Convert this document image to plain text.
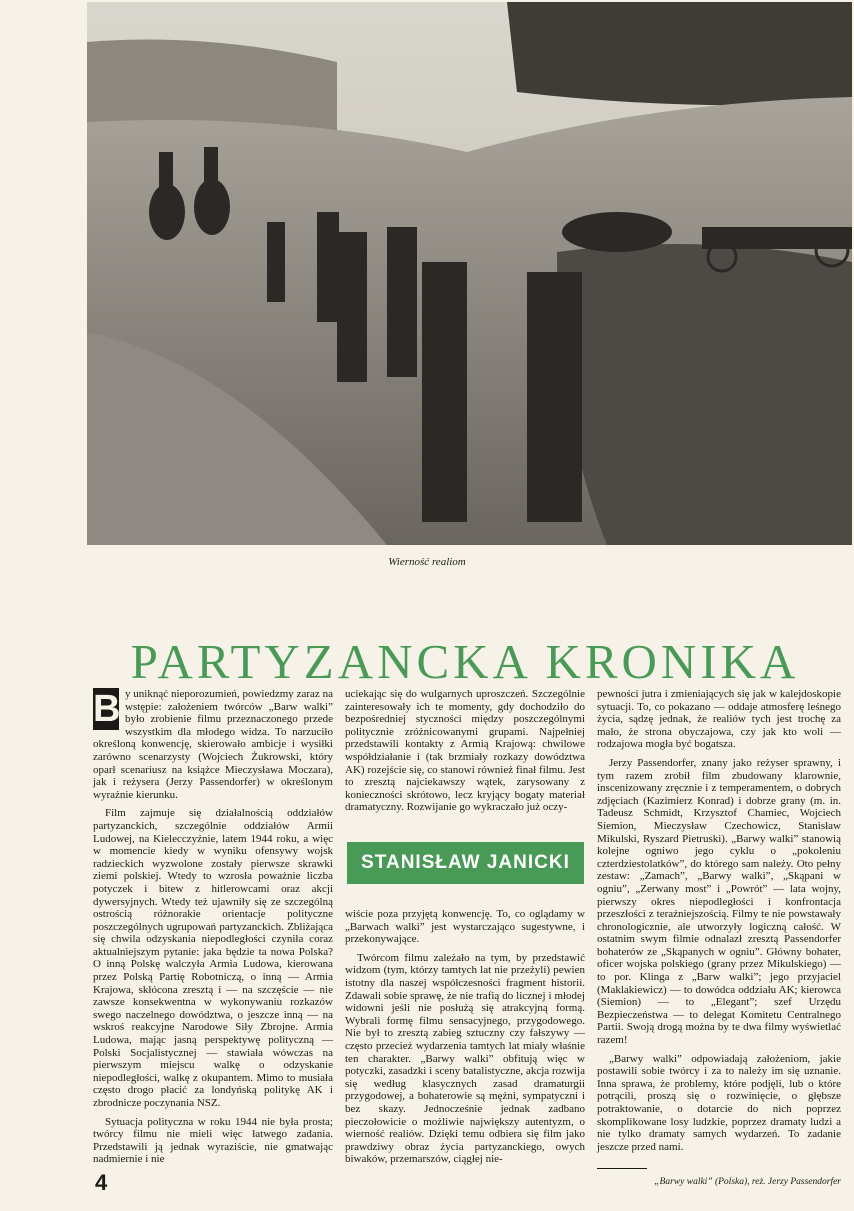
Wierność realiom
PARTYZANCKA KRONIKA

B y uniknąć nieporozumień, powiedzmy zaraz na wstępie: założeniem twórców „Barw walki” było zrobienie filmu przeznaczonego przede wszystkim dla młodego widza. To narzuciło określoną konwencję, skierowało ambicje i wysiłki zarówno scenarzysty (Wojciech Żukrowski, który oparł scenariusz na książce Mieczysława Moczara), jak i reżysera (Jerzy Passendorfer) w określonym wyraźnie kierunku.

Film zajmuje się działalnością oddziałów partyzanckich, szczególnie oddziałów Armii Ludowej, na Kielecczyźnie, latem 1944 roku, a więc w momencie kiedy w wyniku ofensywy wojsk radzieckich wyzwolone zostały pierwsze skrawki ziemi polskiej. Wtedy to wzrosła poważnie liczba potyczek i bitew z hitlerowcami oraz akcji dywersyjnych. Wtedy też ujawniły się ze szczególną ostrością różnorakie orientacje polityczne poszczególnych ugrupowań partyzanckich. Zbliżająca się chwila odzyskania niepodległości czyniła coraz aktualniejszym pytanie: jaka będzie ta nowa Polska? O inną Polskę walczyła Armia Ludowa, kierowana przez Polską Partię Robotniczą, o inną — Armia Krajowa, skłócona zresztą i — na szczęście — nie zawsze konsekwentna w wykonywaniu rozkazów swego naczelnego dowództwa, o jeszcze inną — na wskroś reakcyjne Narodowe Siły Zbrojne. Armia Ludowa, mając jasną perspektywę polityczną — Polski Socjalistycznej — stawiała wówczas na pierwszym miejscu walkę o odzyskanie niepodległości, walkę z okupantem. Mimo to musiała często drogo płacić za londyńską politykę AK i zbrodnicze poczynania NSZ.

Sytuacja polityczna w roku 1944 nie była prosta; twórcy filmu nie mieli więc łatwego zadania. Przedstawili ją jednak wyraziście, nie gmatwając nadmiernie i nie

uciekając się do wulgarnych uproszczeń. Szczególnie zainteresowały ich te momenty, gdy dochodziło do bezpośredniej styczności między poszczególnymi politycznie zróżnicowanymi grupami. Najpełniej przedstawili kontakty z Armią Krajową: chwilowe współdziałanie i (tak brzmiały rozkazy dowództwa AK) rozejście się, co stanowi również finał filmu. Jest to zresztą najciekawszy wątek, zarysowany z konieczności skrótowo, lecz kryjący bogaty materiał dramatyczny. Rozwijanie go wykraczało już oczy-

STANISŁAW JANICKI

wiście poza przyjętą konwencję. To, co oglądamy w „Barwach walki” jest wystarczająco sugestywne, i przekonywające.

Twórcom filmu zależało na tym, by przedstawić widzom (tym, którzy tamtych lat nie przeżyli) pewien istotny dla naszej współczesności fragment historii. Zdawali sobie sprawę, że nie trafią do licznej i młodej widowni jeśli nie posłużą się atrakcyjną formą. Wybrali formę filmu sensacyjnego, przygodowego. Nie był to zresztą zabieg sztuczny czy fałszywy — często przecież wydarzenia tamtych lat miały właśnie ten charakter. „Barwy walki” obfitują więc w potyczki, zasadzki i sceny batalistyczne, akcja rozwija się według klasycznych zasad dramaturgii przygodowej, a bohaterowie są mężni, sympatyczni i bez skazy. Jednocześnie jednak zadbano pieczołowicie o możliwie największy autentyzm, o wierność realiów. Dzięki temu odbiera się film jako prawdziwy obraz życia partyzanckiego, owych biwaków, przemarszów, ciągłej nie-

pewności jutra i zmieniających się jak w kalejdoskopie sytuacji. To, co pokazano — oddaje atmosferę leśnego życia, sądzę jednak, że realiów tych jest trochę za mało, że strona obyczajowa, czy jak kto woli — rodzajowa mogła być bogatsza.

Jerzy Passendorfer, znany jako reżyser sprawny, i tym razem zrobił film zbudowany klarownie, inscenizowany zręcznie i z temperamentem, o dobrych zdjęciach (Kazimierz Konrad) i dobrze grany (m. in. Tadeusz Schmidt, Krzysztof Chamiec, Wojciech Siemion, Mieczysław Czechowicz, Stanisław Mikulski, Ryszard Pietruski). „Barwy walki” stanowią kolejne ogniwo jego cyklu o „pokoleniu czterdziestolatków”, do którego sam należy. Oto pełny zestaw: „Zamach”, „Barwy walki”, „Skąpani w ogniu”, „Zerwany most” i „Powrót” — lata wojny, pierwszy okres niepodległości i konfrontacja przeszłości z teraźniejszością. Filmy te nie powstawały chronologicznie, ale utworzyły logiczną całość. W ostatnim swym filmie odnalazł zresztą Passendorfer bohaterów ze „Skąpanych w ogniu”. Główny bohater, oficer wojska polskiego (grany przez Mikulskiego) — to por. Klinga z „Barw walki”; jego przyjaciel (Maklakiewicz) — to dowódca oddziału AK; kierowca (Siemion) — to „Elegant”; szef Urzędu Bezpieczeństwa — to delegat Komitetu Centralnego Partii. Swoją drogą można by te dwa filmy wyświetlać razem!

„Barwy walki” odpowiadają założeniom, jakie postawili sobie twórcy i za to należy im się uznanie. Inna sprawa, że problemy, które podjęli, lub o które potrącili, proszą się o rozwinięcie, o głębsze potraktowanie, o dotarcie do nich poprzez skomplikowane losy ludzkie, poprzez dramaty ludzi a nie tylko dramaty samych wydarzeń. To zadanie jeszcze przed nami.

„Barwy walki” (Polska), reż. Jerzy Passendorfer
4
